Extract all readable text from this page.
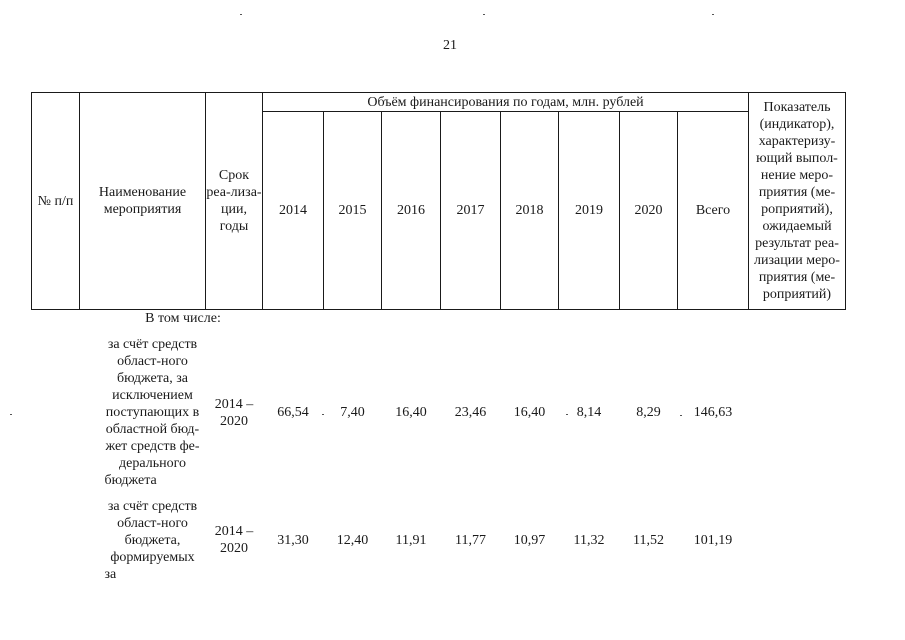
21
№ п/п	Наименование мероприятия	Срок реа-лиза-ции, годы	Объём финансирования по годам, млн. рублей								Показатель (индикатор), характеризу-ющий выпол-нение меро-приятия (ме-роприятий), ожидаемый результат реа-лизации меро-приятия (ме-роприятий)
			2014	2015	2016	2017	2018	2019	2020	Всего	
	В том числе:										
	за счёт средств област-ного бюджета, за исключением поступающих в областной бюд-жет средств фе-дерального бюджета	2014 – 2020	66,54	7,40	16,40	23,46	16,40	8,14	8,29	146,63	
	за счёт средств област-ного бюджета, формируемых за	2014 – 2020	31,30	12,40	11,91	11,77	10,97	11,32	11,52	101,19	
